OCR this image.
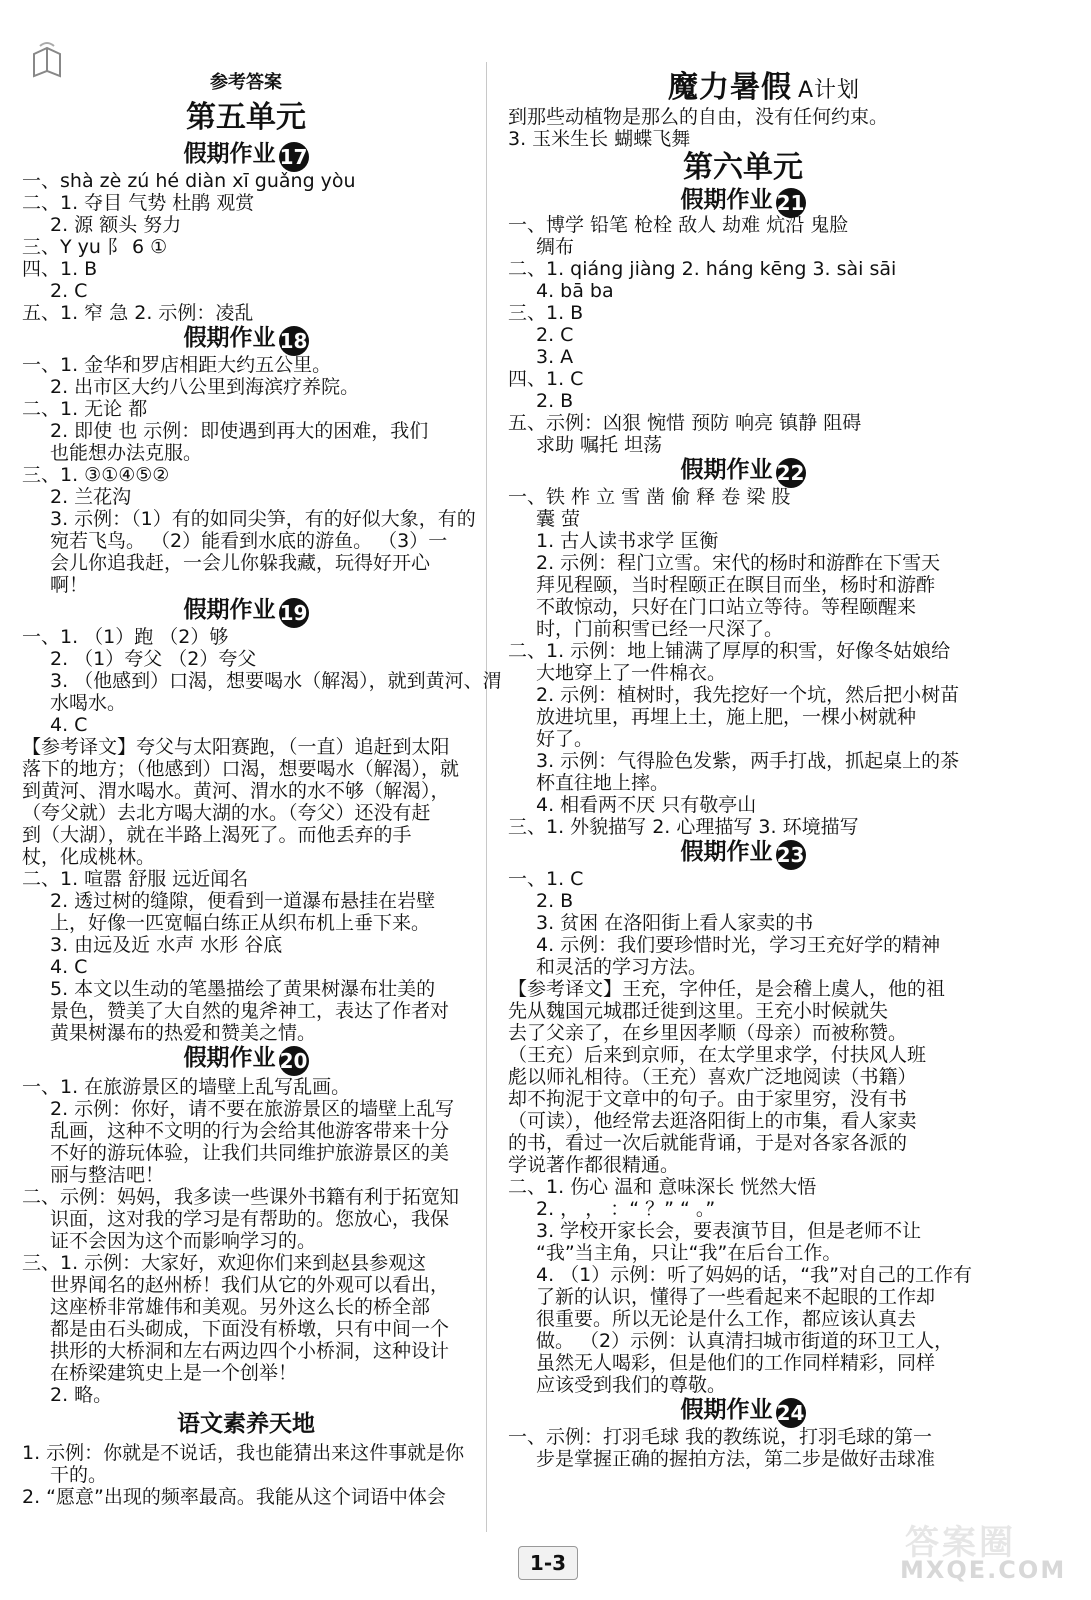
魔力暑假 A计划
参考答案
第五单元
假期作业 17
一、shà zè zú hé diàn xī guǎng yòu
二、1. 夺目 气势 杜鹃 观赏
2. 源 额头 努力
三、Y yu 阝 6 ①
四、1. B
2. C
五、1. 窄 急 2. 示例：凌乱
假期作业 18
一、1. 金华和罗店相距大约五公里。
2. 出市区大约八公里到海滨疗养院。
二、1. 无论 都
2. 即使 也 示例：即使遇到再大的困难，我们
也能想办法克服。
三、1. ③①④⑤②
2. 兰花沟
3. 示例：（1）有的如同尖笋，有的好似大象，有的
宛若飞鸟。 （2）能看到水底的游鱼。 （3）一
会儿你追我赶，一会儿你躲我藏，玩得好开心
啊！
假期作业 19
一、1. （1）跑 （2）够
2. （1）夸父 （2）夸父
3. （他感到）口渴，想要喝水（解渴），就到黄河、渭
水喝水。
4. C
【参考译文】夸父与太阳赛跑，（一直）追赶到太阳
落下的地方；（他感到）口渴，想要喝水（解渴），就
到黄河、渭水喝水。黄河、渭水的水不够（解渴），
（夸父就）去北方喝大湖的水。（夸父）还没有赶
到（大湖），就在半路上渴死了。而他丢弃的手
杖，化成桃林。
二、1. 喧嚣 舒服 远近闻名
2. 透过树的缝隙，便看到一道瀑布悬挂在岩壁
上，好像一匹宽幅白练正从织布机上垂下来。
3. 由远及近 水声 水形 谷底
4. C
5. 本文以生动的笔墨描绘了黄果树瀑布壮美的
景色，赞美了大自然的鬼斧神工，表达了作者对
黄果树瀑布的热爱和赞美之情。
假期作业 20
一、1. 在旅游景区的墙壁上乱写乱画。
2. 示例：你好，请不要在旅游景区的墙壁上乱写
乱画，这种不文明的行为会给其他游客带来十分
不好的游玩体验，让我们共同维护旅游景区的美
丽与整洁吧！
二、示例：妈妈，我多读一些课外书籍有利于拓宽知
识面，这对我的学习是有帮助的。您放心，我保
证不会因为这个而影响学习的。
三、1. 示例：大家好，欢迎你们来到赵县参观这
世界闻名的赵州桥！我们从它的外观可以看出，
这座桥非常雄伟和美观。另外这么长的桥全部
都是由石头砌成，下面没有桥墩，只有中间一个
拱形的大桥洞和左右两边四个小桥洞，这种设计
在桥梁建筑史上是一个创举！
2. 略。
语文素养天地
1. 示例：你就是不说话，我也能猜出来这件事就是你
干的。
2. “愿意”出现的频率最高。我能从这个词语中体会
到那些动植物是那么的自由，没有任何约束。
3. 玉米生长 蝴蝶飞舞
第六单元
假期作业 21
一、博学 铅笔 枪栓 敌人 劫难 炕沿 鬼脸
绸布
二、1. qiáng jiàng 2. háng kēng 3. sài sāi
4. bā ba
三、1. B
2. C
3. A
四、1. C
2. B
五、示例：凶狠 惋惜 预防 响亮 镇静 阻碍
求助 嘱托 坦荡
假期作业 22
一、铁 柞 立 雪 凿 偷 释 卷 梁 股
囊 萤
1. 古人读书求学 匡衡
2. 示例：程门立雪。宋代的杨时和游酢在下雪天
拜见程颐，当时程颐正在瞑目而坐，杨时和游酢
不敢惊动，只好在门口站立等待。等程颐醒来
时，门前积雪已经一尺深了。
二、1. 示例：地上铺满了厚厚的积雪，好像冬姑娘给
大地穿上了一件棉衣。
2. 示例：植树时，我先挖好一个坑，然后把小树苗
放进坑里，再埋上土，施上肥，一棵小树就种
好了。
3. 示例：气得脸色发紫，两手打战，抓起桌上的茶
杯直往地上摔。
4. 相看两不厌 只有敬亭山
三、1. 外貌描写 2. 心理描写 3. 环境描写
假期作业 23
一、1. C
2. B
3. 贫困 在洛阳街上看人家卖的书
4. 示例：我们要珍惜时光，学习王充好学的精神
和灵活的学习方法。
【参考译文】王充，字仲任，是会稽上虞人，他的祖
先从魏国元城郡迁徙到这里。王充小时候就失
去了父亲了，在乡里因孝顺（母亲）而被称赞。
（王充）后来到京师，在太学里求学，付扶风人班
彪以师礼相待。（王充）喜欢广泛地阅读（书籍）
却不拘泥于文章中的句子。由于家里穷，没有书
（可读），他经常去逛洛阳街上的市集，看人家卖
的书，看过一次后就能背诵，于是对各家各派的
学说著作都很精通。
二、1. 伤心 温和 意味深长 恍然大悟
2. ， ， ：“ ？” “ 。”
3. 学校开家长会，要表演节目，但是老师不让
“我”当主角，只让“我”在后台工作。
4. （1）示例：听了妈妈的话，“我”对自己的工作有
了新的认识，懂得了一些看起来不起眼的工作却
很重要。所以无论是什么工作，都应该认真去
做。 （2）示例：认真清扫城市街道的环卫工人，
虽然无人喝彩，但是他们的工作同样精彩，同样
应该受到我们的尊敬。
假期作业 24
一、示例：打羽毛球 我的教练说，打羽毛球的第一
步是掌握正确的握拍方法，第二步是做好击球准
1-3	答案圈
MXQE.COM
